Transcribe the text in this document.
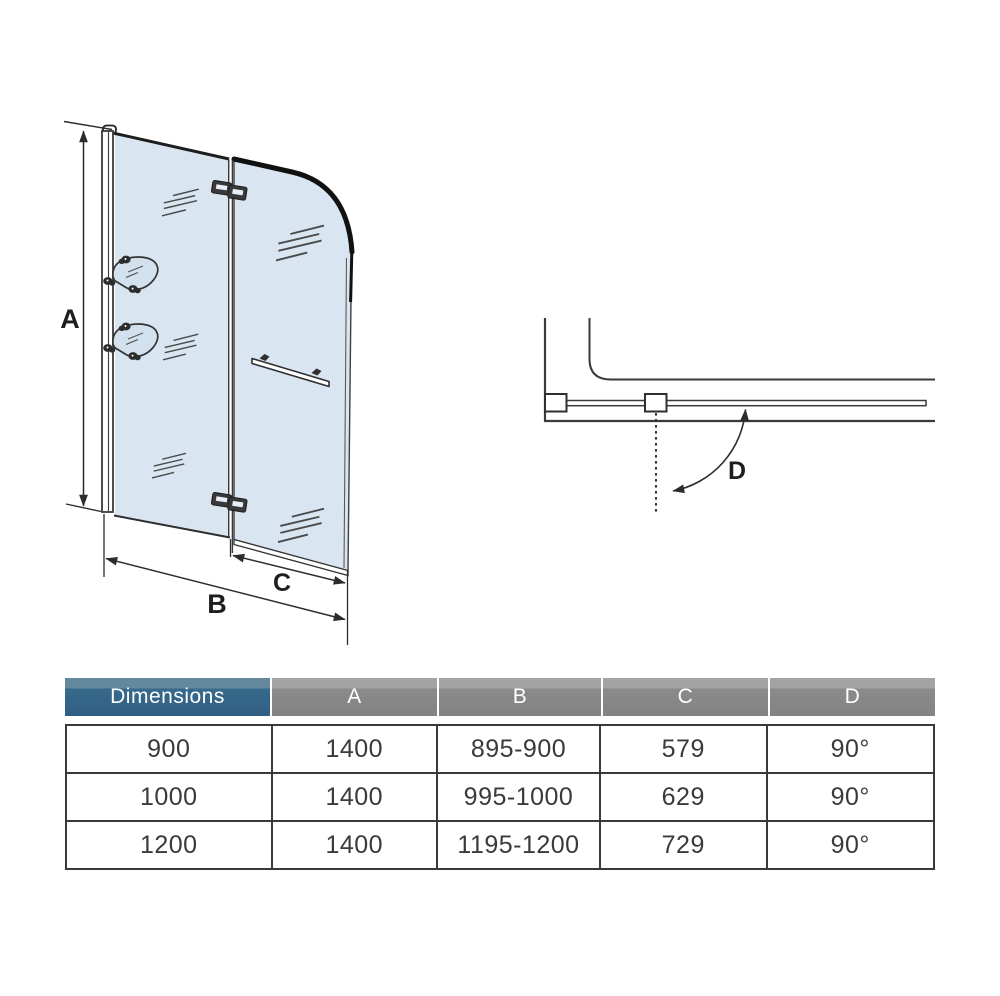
A
B
C
D
Dimensions	A	B	C	D
900	1400	895-900	579	90°
1000	1400	995-1000	629	90°
1200	1400	1195-1200	729	90°
